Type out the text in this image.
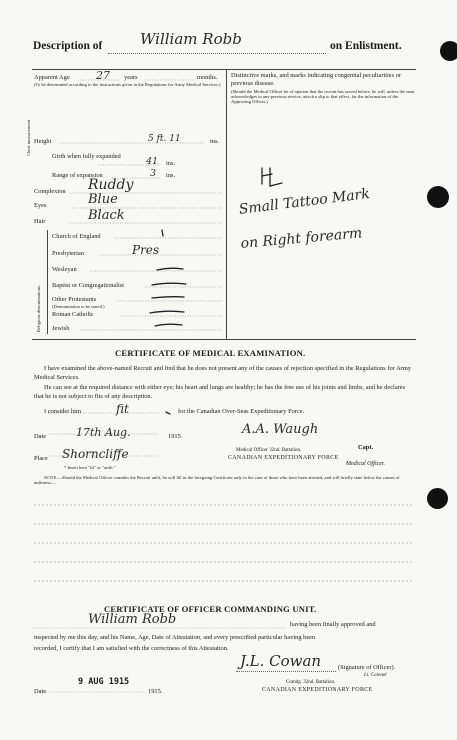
Description of	William Robb	on Enlistment.
Apparent Age 27 years	months.
(To be determined according to the instructions given in the Regulations for Army Medical Services.)
Distinctive marks, and marks indicating congenital peculiarities or previous disease.
(Should the Medical Officer be of opinion that the recruit has served before, he will, unless the man acknowledges to any previous service, attach a slip to that effect, for the information of the Approving Officer.)
Height	5 ft. 11	ins.
Chest measurement
Girth when fully expanded	41 ins.
Range of expansion	3 ins.
Complexion Ruddy
Eyes	Blue
Hair	Black
Religious denominations.
Church of England
Presbyterian	Pres
Wesleyan
Baptist or Congregationalist
Other Protestants
(Denomination to be stated.)
Roman Catholic
Jewish
Small Tattoo Mark
on Right forearm
CERTIFICATE OF MEDICAL EXAMINATION.
I have examined the above-named Recruit and find that he does not present any of the causes of rejection specified in the Regulations for Army Medical Services.
He can see at the required distance with either eye; his heart and lungs are healthy; he has the free use of his joints and limbs, and he declares that he is not subject to fits of any description.
I consider him	fit	for the Canadian Over-Seas Expeditionary Force.
Date	17th Aug.	1915	A.A. Waugh
Capt.
Medical Officer 32nd. Battalion.
CANADIAN EXPEDITIONARY FORCE
Medical Officer.
Place Shorncliffe
* Insert here "fit" or "unfit."
NOTE.—Should the Medical Officer consider the Recruit unfit, he will fill in the foregoing Certificate only in the case of those who have been attested, and will briefly state below the causes of unfitness:—
CERTIFICATE OF OFFICER COMMANDING UNIT.
William Robb	having been finally approved and
inspected by me this day, and his Name, Age, Date of Attestation, and every prescribed particular having been
recorded, I certify that I am satisfied with the correctness of this Attestation.
J.L. Cowan	(Signature of Officer).
Lt. Colonel
Comdg. 32nd. Battalion.
CANADIAN EXPEDITIONARY FORCE
Date
9 AUG 1915
1915.
